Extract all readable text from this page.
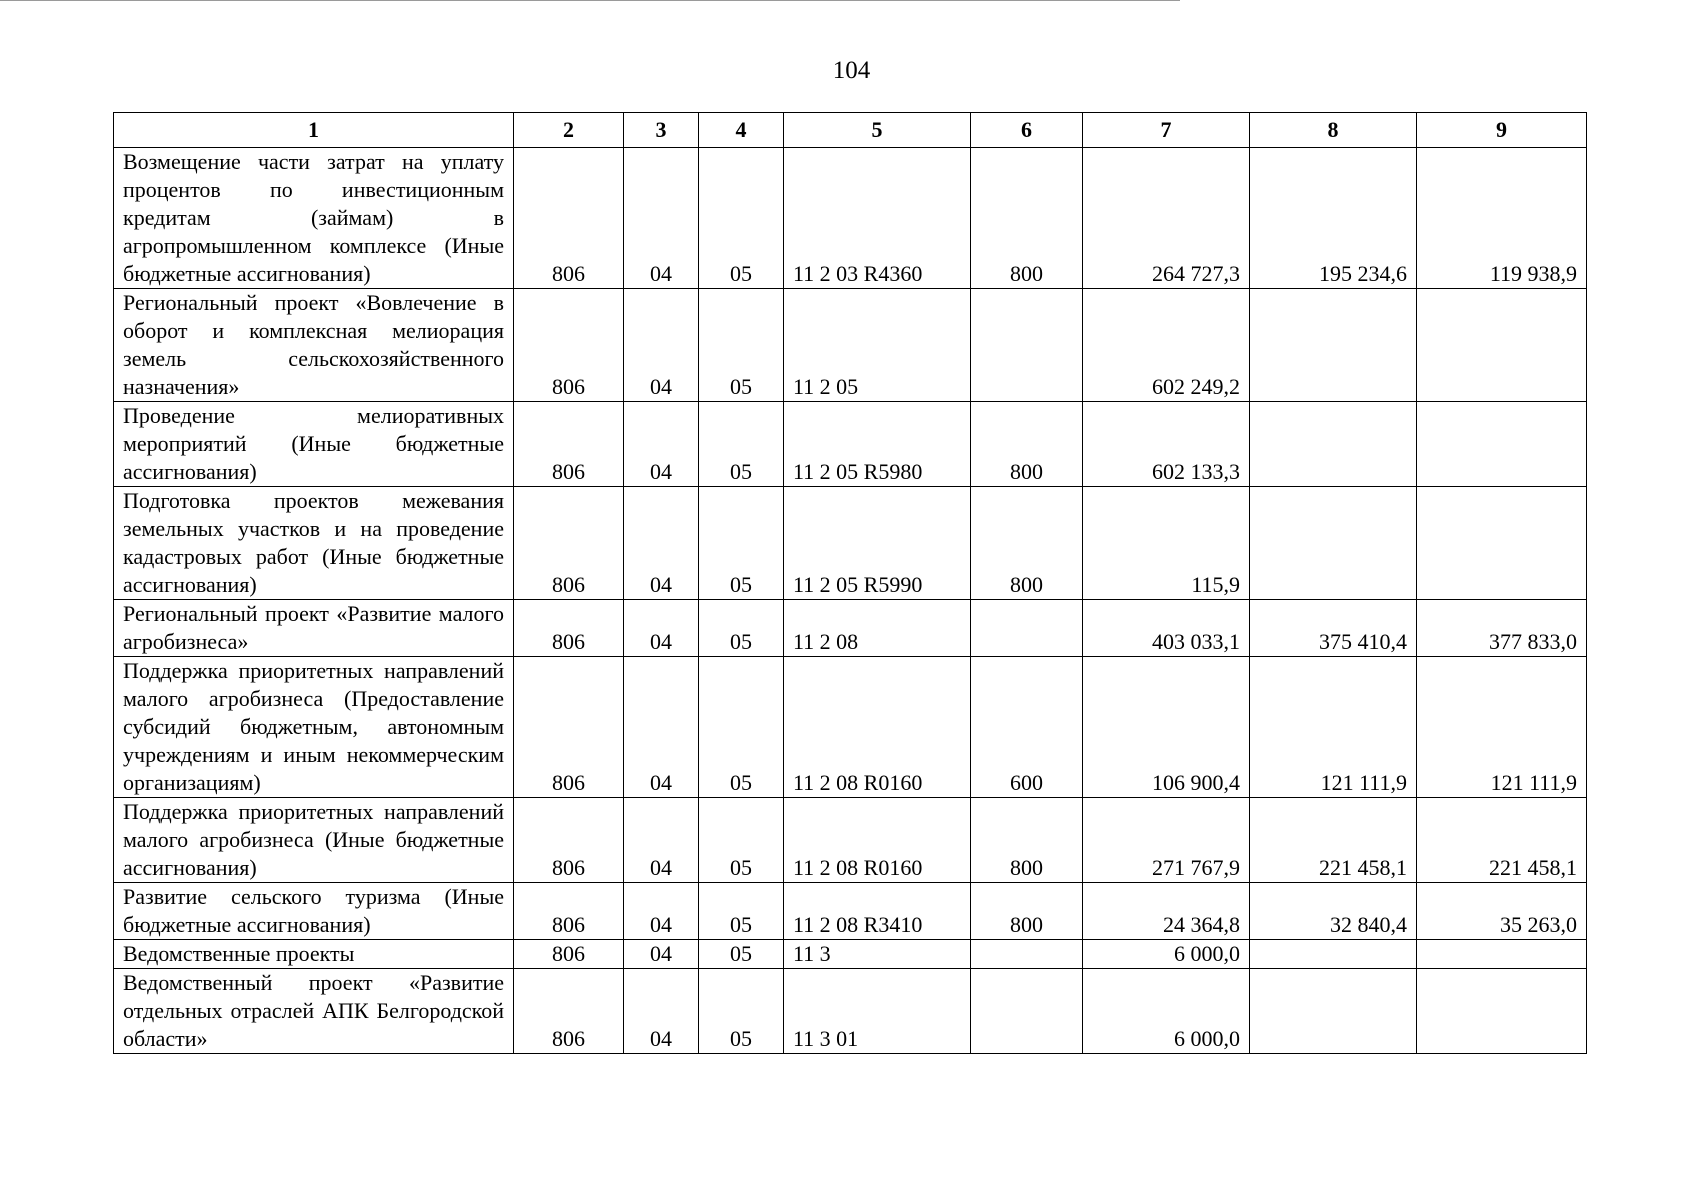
104
1	2	3	4	5	6	7	8	9
Возмещение части затрат на уплату процентов по инвестиционным кредитам (займам) в агропромышленном комплексе (Иные бюджетные ассигнования)	806	04	05	11 2 03 R4360	800	264 727,3	195 234,6	119 938,9
Региональный проект «Вовлечение в оборот и комплексная мелиорация земель сельскохозяйственного назначения»	806	04	05	11 2 05		602 249,2		
Проведение мелиоративных мероприятий (Иные бюджетные ассигнования)	806	04	05	11 2 05 R5980	800	602 133,3		
Подготовка проектов межевания земельных участков и на проведение кадастровых работ (Иные бюджетные ассигнования)	806	04	05	11 2 05 R5990	800	115,9		
Региональный проект «Развитие малого агробизнеса»	806	04	05	11 2 08		403 033,1	375 410,4	377 833,0
Поддержка приоритетных направлений малого агробизнеса (Предоставление субсидий бюджетным, автономным учреждениям и иным некоммерческим организациям)	806	04	05	11 2 08 R0160	600	106 900,4	121 111,9	121 111,9
Поддержка приоритетных направлений малого агробизнеса (Иные бюджетные ассигнования)	806	04	05	11 2 08 R0160	800	271 767,9	221 458,1	221 458,1
Развитие сельского туризма (Иные бюджетные ассигнования)	806	04	05	11 2 08 R3410	800	24 364,8	32 840,4	35 263,0
Ведомственные проекты	806	04	05	11 3		6 000,0		
Ведомственный проект «Развитие отдельных отраслей АПК Белгородской области»	806	04	05	11 3 01		6 000,0		
